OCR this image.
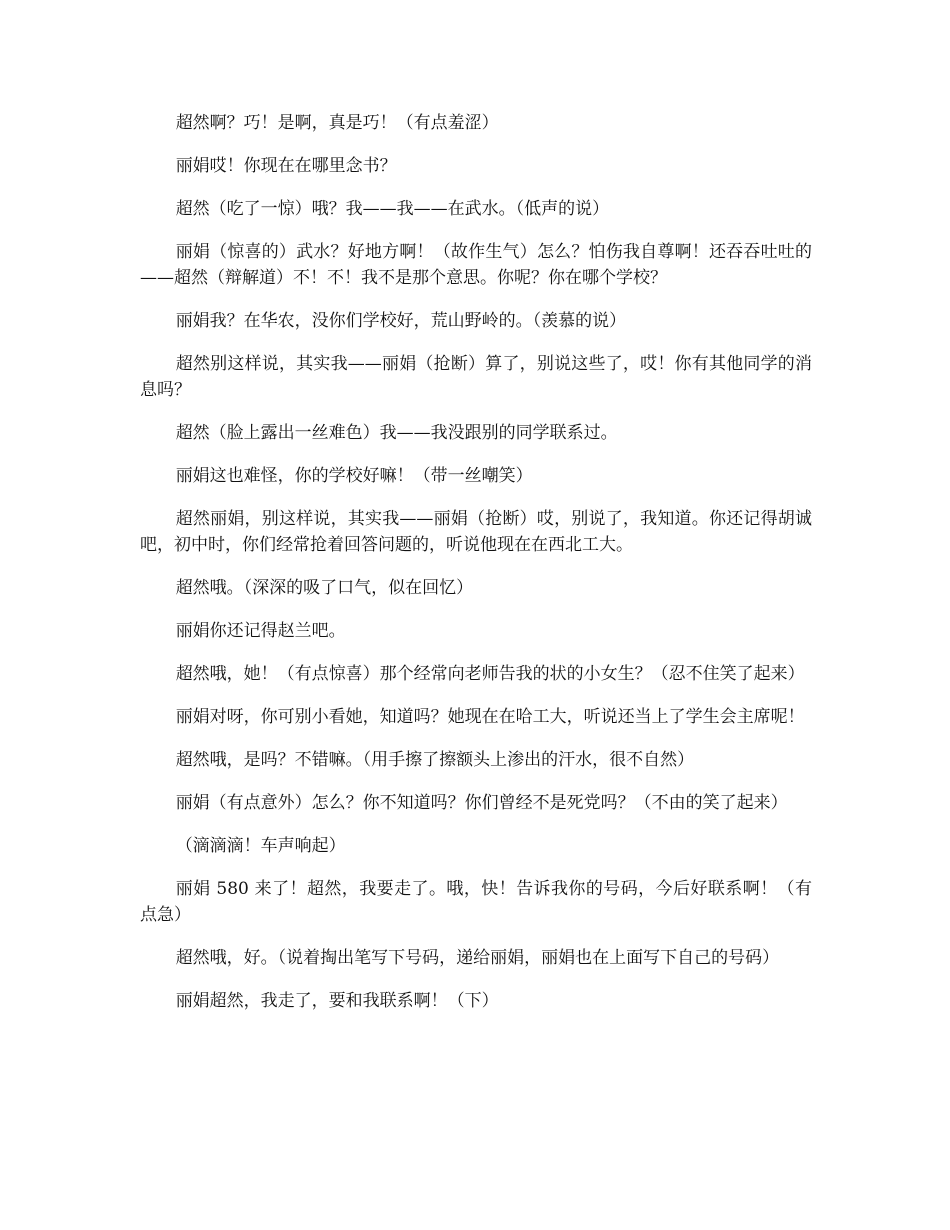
超然啊？巧！是啊，真是巧！（有点羞涩）

丽娟哎！你现在在哪里念书？

超然（吃了一惊）哦？我——我——在武水。（低声的说）

丽娟（惊喜的）武水？好地方啊！（故作生气）怎么？怕伤我自尊啊！还吞吞吐吐的——超然（辩解道）不！不！我不是那个意思。你呢？你在哪个学校？

丽娟我？在华农，没你们学校好，荒山野岭的。（羡慕的说）

超然别这样说，其实我——丽娟（抢断）算了，别说这些了，哎！你有其他同学的消息吗？

超然（脸上露出一丝难色）我——我没跟别的同学联系过。

丽娟这也难怪，你的学校好嘛！（带一丝嘲笑）

超然丽娟，别这样说，其实我——丽娟（抢断）哎，别说了，我知道。你还记得胡诚吧，初中时，你们经常抢着回答问题的，听说他现在在西北工大。

超然哦。（深深的吸了口气，似在回忆）

丽娟你还记得赵兰吧。

超然哦，她！（有点惊喜）那个经常向老师告我的状的小女生？（忍不住笑了起来）

丽娟对呀，你可别小看她，知道吗？她现在在哈工大，听说还当上了学生会主席呢！

超然哦，是吗？不错嘛。（用手擦了擦额头上渗出的汗水，很不自然）

丽娟（有点意外）怎么？你不知道吗？你们曾经不是死党吗？（不由的笑了起来）

（滴滴滴！车声响起）

丽娟 580 来了！超然，我要走了。哦，快！告诉我你的号码，今后好联系啊！（有点急）

超然哦，好。（说着掏出笔写下号码，递给丽娟，丽娟也在上面写下自己的号码）

丽娟超然，我走了，要和我联系啊！（下）
